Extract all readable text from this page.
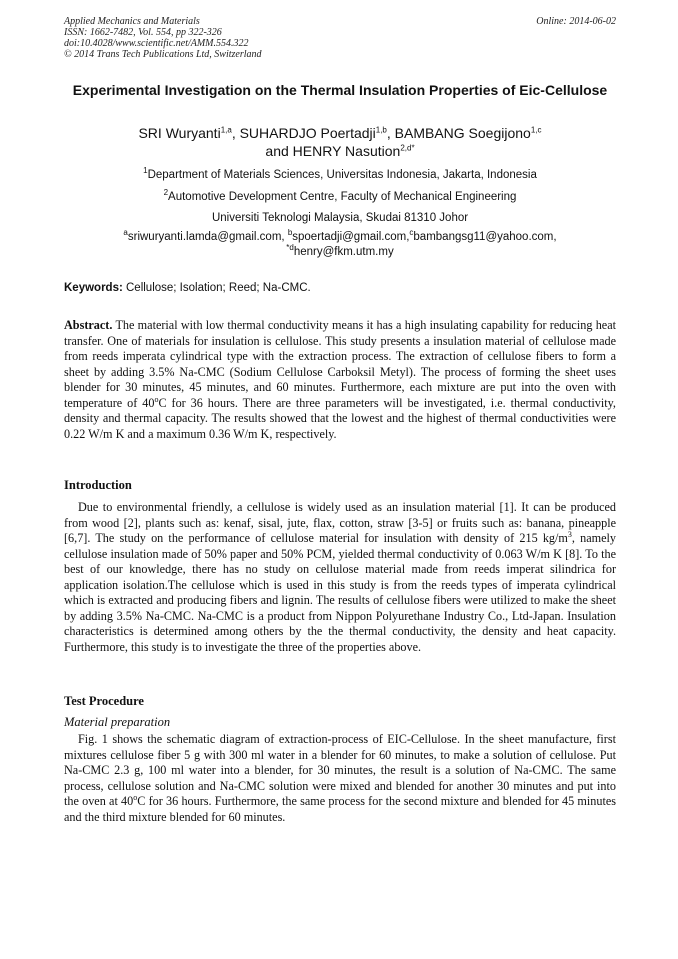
Applied Mechanics and Materials
ISSN: 1662-7482, Vol. 554, pp 322-326
doi:10.4028/www.scientific.net/AMM.554.322
© 2014 Trans Tech Publications Ltd, Switzerland
Online: 2014-06-02
Experimental Investigation on the Thermal Insulation Properties of Eic-Cellulose
SRI Wuryanti$^{1,a}$, SUHARDJO Poertadji$^{1,b}$, BAMBANG Soegijono$^{1,c}$
and HENRY Nasution$^{2,d*}$
$^1$Department of Materials Sciences, Universitas Indonesia, Jakarta, Indonesia
$^2$Automotive Development Centre, Faculty of Mechanical Engineering
Universiti Teknologi Malaysia, Skudai 81310 Johor
$^a$sriwuryanti.lamda@gmail.com, $^b$spoertadji@gmail.com,$^c$bambangsg11@yahoo.com,
$^{*d}$henry@fkm.utm.my
Keywords: Cellulose; Isolation; Reed; Na-CMC.
Abstract. The material with low thermal conductivity means it has a high insulating capability for reducing heat transfer. One of materials for insulation is cellulose. This study presents a insulation material of cellulose made from reeds imperata cylindrical type with the extraction process. The extraction of cellulose fibers to form a sheet by adding 3.5% Na-CMC (Sodium Cellulose Carboksil Metyl). The process of forming the sheet uses blender for 30 minutes, 45 minutes, and 60 minutes. Furthermore, each mixture are put into the oven with temperature of 40$^o$C for 36 hours. There are three parameters will be investigated, i.e. thermal conductivity, density and thermal capacity. The results showed that the lowest and the highest of thermal conductivities were 0.22 W/m K and a maximum 0.36 W/m K, respectively.
Introduction
Due to environmental friendly, a cellulose is widely used as an insulation material [1]. It can be produced from wood [2], plants such as: kenaf, sisal, jute, flax, cotton, straw [3-5] or fruits such as: banana, pineapple [6,7]. The study on the performance of cellulose material for insulation with density of 215 $kg/m^3$, namely cellulose insulation made of 50% paper and 50% PCM, yielded thermal conductivity of 0.063 W/m K [8]. To the best of our knowledge, there has no study on cellulose material made from reeds imperat silindrica for application isolation.The cellulose which is used in this study is from the reeds types of imperata cylindrical which is extracted and producing fibers and lignin. The results of cellulose fibers were utilized to make the sheet by adding 3.5% Na-CMC. Na-CMC is a product from Nippon Polyurethane Industry Co., Ltd-Japan. Insulation characteristics is determined among others by the the thermal conductivity, the density and heat capacity. Furthermore, this study is to investigate the three of the properties above.
Test Procedure
Material preparation
Fig. 1 shows the schematic diagram of extraction-process of EIC-Cellulose. In the sheet manufacture, first mixtures cellulose fiber 5 g with 300 ml water in a blender for 60 minutes, to make a solution of cellulose. Put Na-CMC 2.3 g, 100 ml water into a blender, for 30 minutes, the result is a solution of Na-CMC. The same process, cellulose solution and Na-CMC solution were mixed and blended for another 30 minutes and put into the oven at 40$^o$C for 36 hours. Furthermore, the same process for the second mixture and blended for 45 minutes and the third mixture blended for 60 minutes.
